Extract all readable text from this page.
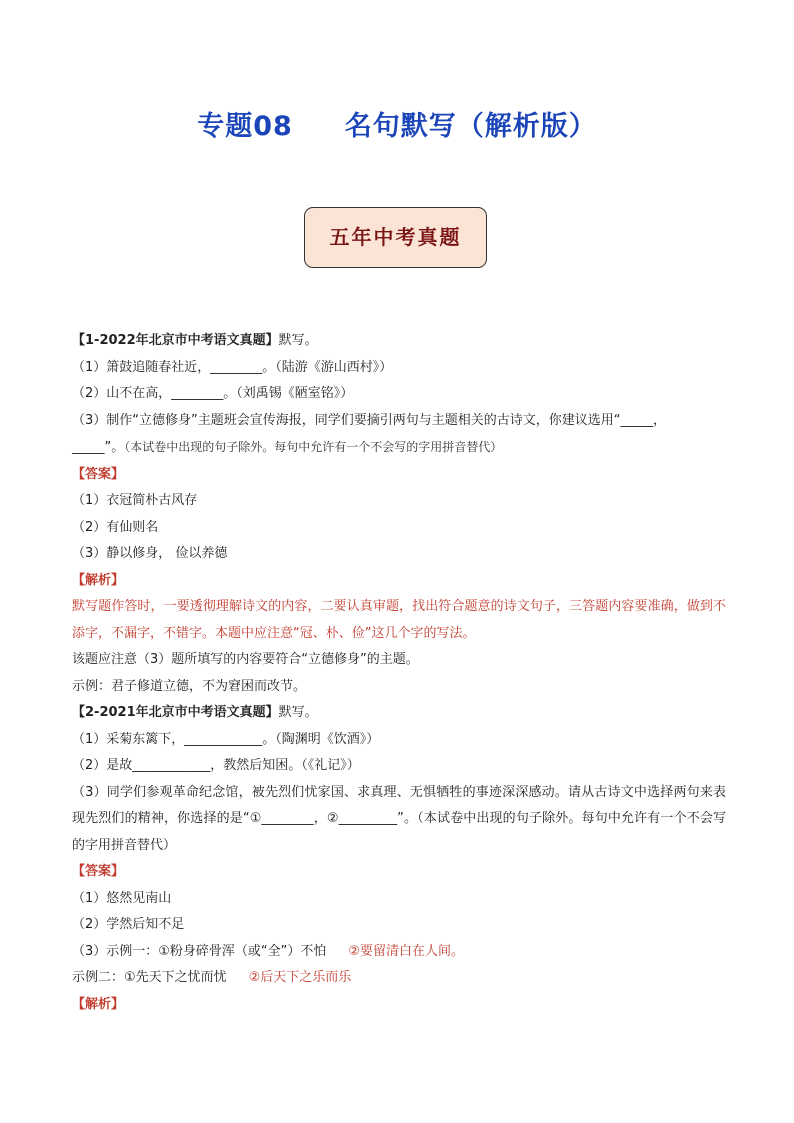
专题08     名句默写（解析版）
五年中考真题
【1-2022年北京市中考语文真题】默写。
（1）箫鼓追随春社近，________。（陆游《游山西村》）
（2）山不在高，________。（刘禹锡《陋室铭》）
（3）制作“立德修身”主题班会宣传海报，同学们要摘引两句与主题相关的古诗文，你建议选用“_____，
_____”。（本试卷中出现的句子除外。每句中允许有一个不会写的字用拼音替代）
【答案】
（1）衣冠简朴古风存
（2）有仙则名
（3）静以修身， 俭以养德
【解析】
默写题作答时，一要透彻理解诗文的内容，二要认真审题，找出符合题意的诗文句子，三答题内容要准确，做到不添字，不漏字，不错字。本题中应注意“冠、朴、俭”这几个字的写法。
该题应注意（3）题所填写的内容要符合“立德修身”的主题。
示例：君子修道立德，不为窘困而改节。
【2-2021年北京市中考语文真题】默写。
（1）采菊东篱下，____________。（陶渊明《饮酒》）
（2）是故____________，教然后知困。（《礼记》）
（3）同学们参观革命纪念馆，被先烈们忧家国、求真理、无惧牺牲的事迹深深感动。请从古诗文中选择两句来表现先烈们的精神，你选择的是“①________，②_________”。（本试卷中出现的句子除外。每句中允许有一个不会写的字用拼音替代）
【答案】
（1）悠然见南山
（2）学然后知不足
（3）示例一：①粉身碎骨浑（或“全”）不怕 ②要留清白在人间。
示例二：①先天下之忧而忧 ②后天下之乐而乐
【解析】
